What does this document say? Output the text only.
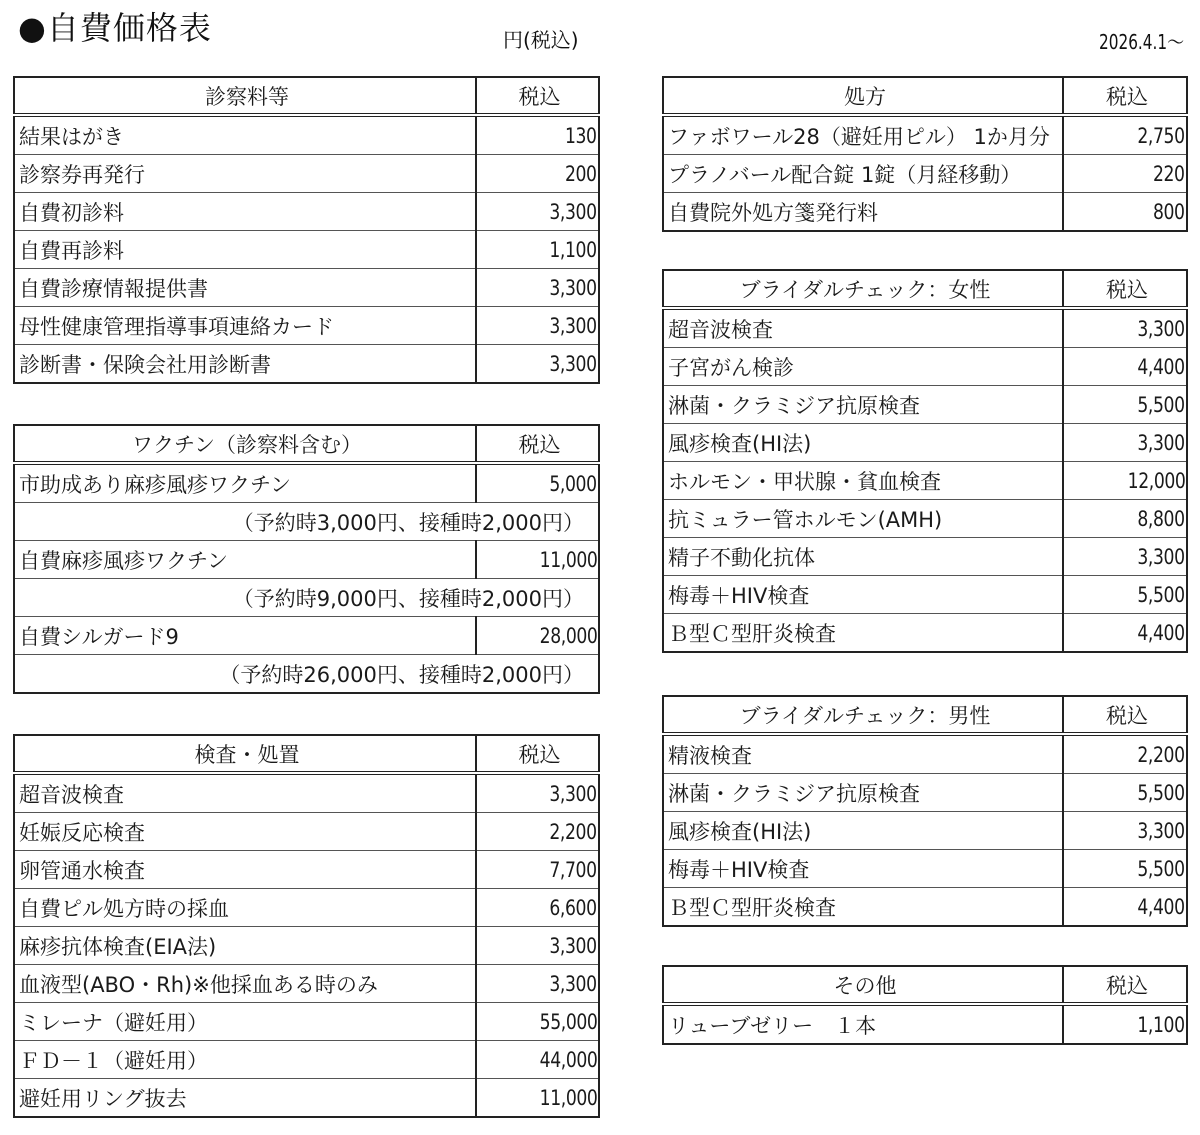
●自費価格表	円(税込)	2026.4.1〜
診察料等	税込
結果はがき	130
診察券再発行	200
自費初診料	3,300
自費再診料	1,100
自費診療情報提供書	3,300
母性健康管理指導事項連絡カード	3,300
診断書・保険会社用診断書	3,300
ワクチン（診察料含む）	税込
市助成あり麻疹風疹ワクチン	5,000
（予約時3,000円、接種時2,000円）	
自費麻疹風疹ワクチン	11,000
（予約時9,000円、接種時2,000円）	
自費シルガード9	28,000
（予約時26,000円、接種時2,000円）	
検査・処置	税込
超音波検査	3,300
妊娠反応検査	2,200
卵管通水検査	7,700
自費ピル処方時の採血	6,600
麻疹抗体検査(EIA法)	3,300
血液型(ABO・Rh)※他採血ある時のみ	3,300
ミレーナ（避妊用）	55,000
ＦＤ－１（避妊用）	44,000
避妊用リング抜去	11,000
処方	税込
ファボワール28（避妊用ピル） 1か月分	2,750
プラノバール配合錠 1錠（月経移動）	220
自費院外処方箋発行料	800
ブライダルチェック：女性	税込
超音波検査	3,300
子宮がん検診	4,400
淋菌・クラミジア抗原検査	5,500
風疹検査(HI法)	3,300
ホルモン・甲状腺・貧血検査	12,000
抗ミュラー管ホルモン(AMH)	8,800
精子不動化抗体	3,300
梅毒＋HIV検査	5,500
Ｂ型Ｃ型肝炎検査	4,400
ブライダルチェック：男性	税込
精液検査	2,200
淋菌・クラミジア抗原検査	5,500
風疹検査(HI法)	3,300
梅毒＋HIV検査	5,500
Ｂ型Ｃ型肝炎検査	4,400
その他	税込
リューブゼリー　１本	1,100
